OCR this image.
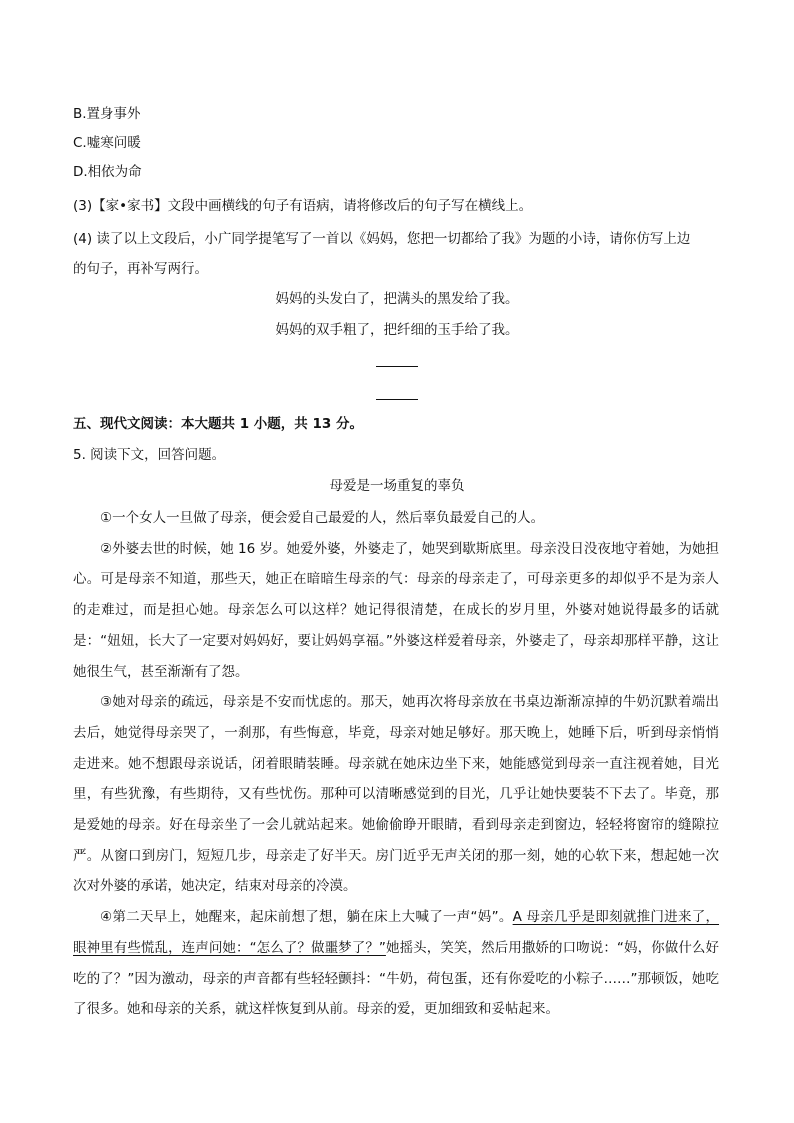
B.置身事外
C.嘘寒问暖
D.相依为命
(3)【家•家书】文段中画横线的句子有语病，请将修改后的句子写在横线上。
(4) 读了以上文段后，小广同学提笔写了一首以《妈妈，您把一切都给了我》为题的小诗，请你仿写上边
的句子，再补写两行。
妈妈的头发白了，把满头的黑发给了我。
妈妈的双手粗了，把纤细的玉手给了我。
五、现代文阅读：本大题共 1 小题，共 13 分。
5. 阅读下文，回答问题。
母爱是一场重复的辜负

①一个女人一旦做了母亲，便会爱自己最爱的人，然后辜负最爱自己的人。

②外婆去世的时候，她 16 岁。她爱外婆，外婆走了，她哭到歇斯底里。母亲没日没夜地守着她，为她担心。可是母亲不知道，那些天，她正在暗暗生母亲的气：母亲的母亲走了，可母亲更多的却似乎不是为亲人的走难过，而是担心她。母亲怎么可以这样？她记得很清楚，在成长的岁月里，外婆对她说得最多的话就是：“妞妞，长大了一定要对妈妈好，要让妈妈享福。”外婆这样爱着母亲，外婆走了，母亲却那样平静，这让她很生气，甚至渐渐有了怨。

③她对母亲的疏远，母亲是不安而忧虑的。那天，她再次将母亲放在书桌边渐渐凉掉的牛奶沉默着端出去后，她觉得母亲哭了，一刹那，有些悔意，毕竟，母亲对她足够好。那天晚上，她睡下后，听到母亲悄悄走进来。她不想跟母亲说话，闭着眼睛装睡。母亲就在她床边坐下来，她能感觉到母亲一直注视着她，目光里，有些犹豫，有些期待，又有些忧伤。那种可以清晰感觉到的目光，几乎让她快要装不下去了。毕竟，那是爱她的母亲。好在母亲坐了一会儿就站起来。她偷偷睁开眼睛，看到母亲走到窗边，轻轻将窗帘的缝隙拉严。从窗口到房门，短短几步，母亲走了好半天。房门近乎无声关闭的那一刻，她的心软下来，想起她一次次对外婆的承诺，她决定，结束对母亲的冷漠。

④第二天早上，她醒来，起床前想了想，躺在床上大喊了一声“妈”。A 母亲几乎是即刻就推门进来了，眼神里有些慌乱，连声问她：“怎么了？做噩梦了？”她摇头，笑笑，然后用撒娇的口吻说：“妈，你做什么好吃的了？”因为激动，母亲的声音都有些轻轻颤抖：“牛奶，荷包蛋，还有你爱吃的小粽子……”那顿饭，她吃了很多。她和母亲的关系，就这样恢复到从前。母亲的爱，更加细致和妥帖起来。
